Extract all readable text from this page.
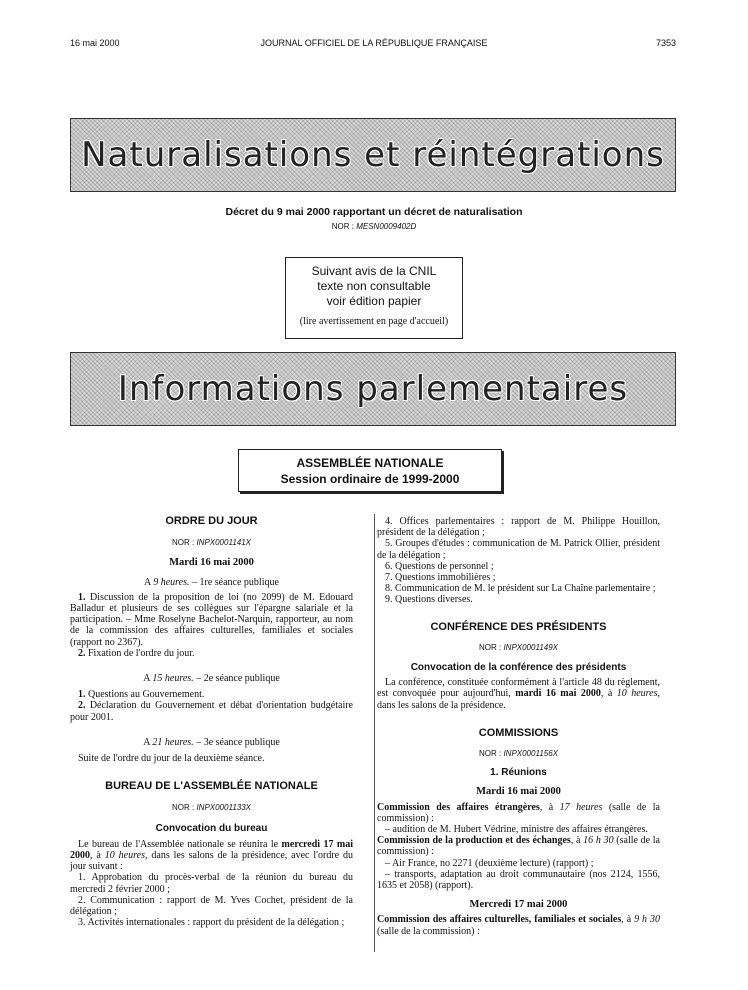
16 mai 2000	JOURNAL OFFICIEL DE LA RÉPUBLIQUE FRANÇAISE	7353
Naturalisations et réintégrations
Décret du 9 mai 2000 rapportant un décret de naturalisation
NOR : MESN0009402D
Suivant avis de la CNIL
texte non consultable
voir édition papier
(lire avertissement en page d'accueil)
Informations parlementaires
ASSEMBLÉE NATIONALE
Session ordinaire de 1999-2000
ORDRE DU JOUR
NOR : INPX0001141X
Mardi 16 mai 2000

A 9 heures. – 1re séance publique

1. Discussion de la proposition de loi (no 2099) de M. Edouard Balladur et plusieurs de ses collègues sur l'épargne salariale et la participation. – Mme Roselyne Bachelot-Narquin, rapporteur, au nom de la commission des affaires culturelles, familiales et sociales (rapport no 2367).

2. Fixation de l'ordre du jour.

A 15 heures. – 2e séance publique

1. Questions au Gouvernement.

2. Déclaration du Gouvernement et débat d'orientation budgétaire pour 2001.

A 21 heures. – 3e séance publique

Suite de l'ordre du jour de la deuxième séance.

BUREAU DE L'ASSEMBLÉE NATIONALE
NOR : INPX0001133X
Convocation du bureau

Le bureau de l'Assemblée nationale se réunira le mercredi 17 mai 2000, à 10 heures, dans les salons de la présidence, avec l'ordre du jour suivant :

1. Approbation du procès-verbal de la réunion du bureau du mercredi 2 février 2000 ;

2. Communication : rapport de M. Yves Cochet, président de la délégation ;

3. Activités internationales : rapport du président de la délégation ;

4. Offices parlementaires : rapport de M. Philippe Houillon, président de la délégation ;

5. Groupes d'études : communication de M. Patrick Ollier, président de la délégation ;

6. Questions de personnel ;

7. Questions immobilières ;

8. Communication de M. le président sur La Chaîne parlementaire ;

9. Questions diverses.

CONFÉRENCE DES PRÉSIDENTS
NOR : INPX0001149X
Convocation de la conférence des présidents

La conférence, constituée conformément à l'article 48 du règlement, est convoquée pour aujourd'hui, mardi 16 mai 2000, à 10 heures, dans les salons de la présidence.

COMMISSIONS
NOR : INPX0001156X
1. Réunions
Mardi 16 mai 2000

Commission des affaires étrangères, à 17 heures (salle de la commission) :

– audition de M. Hubert Védrine, ministre des affaires étrangères.

Commission de la production et des échanges, à 16 h 30 (salle de la commission) :

– Air France, no 2271 (deuxième lecture) (rapport) ;

– transports, adaptation au droit communautaire (nos 2124, 1556, 1635 et 2058) (rapport).

Mercredi 17 mai 2000

Commission des affaires culturelles, familiales et sociales, à 9 h 30 (salle de la commission) :
